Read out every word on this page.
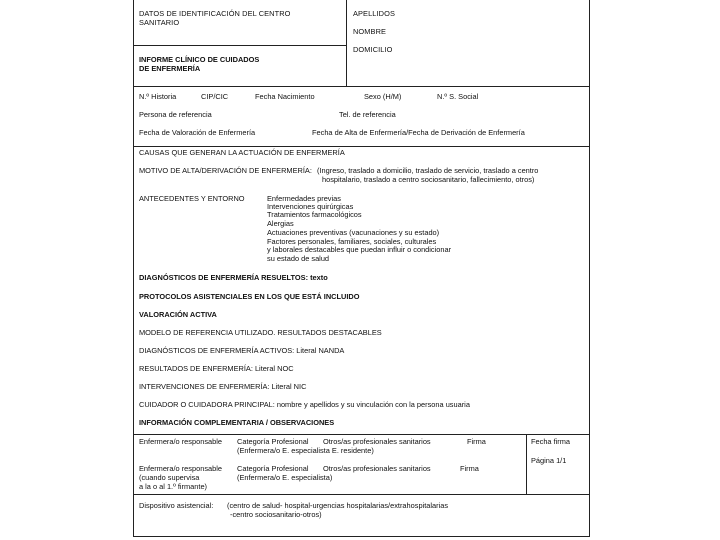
DATOS DE IDENTIFICACIÓN DEL CENTRO
SANITARIO
APELLIDOS
NOMBRE
DOMICILIO
INFORME CLÍNICO DE CUIDADOS
DE ENFERMERÍA
N.º Historia	CIP/CIC	Fecha Nacimiento	Sexo (H/M)	N.º S. Social
Persona de referencia	Tel. de referencia
Fecha de Valoración de Enfermería	Fecha de Alta de Enfermería/Fecha de Derivación de Enfermería
CAUSAS QUE GENERAN LA ACTUACIÓN DE ENFERMERÍA
MOTIVO DE ALTA/DERIVACIÓN DE ENFERMERÍA: (Ingreso, traslado a domicilio, traslado de servicio, traslado a centro
hospitalario, traslado a centro sociosanitario, fallecimiento, otros)
ANTECEDENTES Y ENTORNO	Enfermedades previas
Intervenciones quirúrgicas
Tratamientos farmacológicos
Alergias
Actuaciones preventivas (vacunaciones y su estado)
Factores personales, familiares, sociales, culturales
y laborales destacables que puedan influir o condicionar
su estado de salud
DIAGNÓSTICOS DE ENFERMERÍA RESUELTOS: texto
PROTOCOLOS ASISTENCIALES EN LOS QUE ESTÁ INCLUIDO
VALORACIÓN ACTIVA
MODELO DE REFERENCIA UTILIZADO. RESULTADOS DESTACABLES
DIAGNÓSTICOS DE ENFERMERÍA ACTIVOS: Literal NANDA
RESULTADOS DE ENFERMERÍA: Literal NOC
INTERVENCIONES DE ENFERMERÍA: Literal NIC
CUIDADOR O CUIDADORA PRINCIPAL: nombre y apellidos y su vinculación con la persona usuaria
INFORMACIÓN COMPLEMENTARIA / OBSERVACIONES
Enfermera/o responsable Categoría Profesional Otros/as profesionales sanitarios	Firma
(Enfermera/o E. especialista E. residente)
Fecha firma
Página 1/1
Enfermera/o responsable
(cuando supervisa
a la o al 1.º firmante)
Categoría Profesional Otros/as profesionales sanitarios	Firma
(Enfermera/o E. especialista)
Dispositivo asistencial: (centro de salud- hospital-urgencias hospitalarias/extrahospitalarias
-centro sociosanitario-otros)
